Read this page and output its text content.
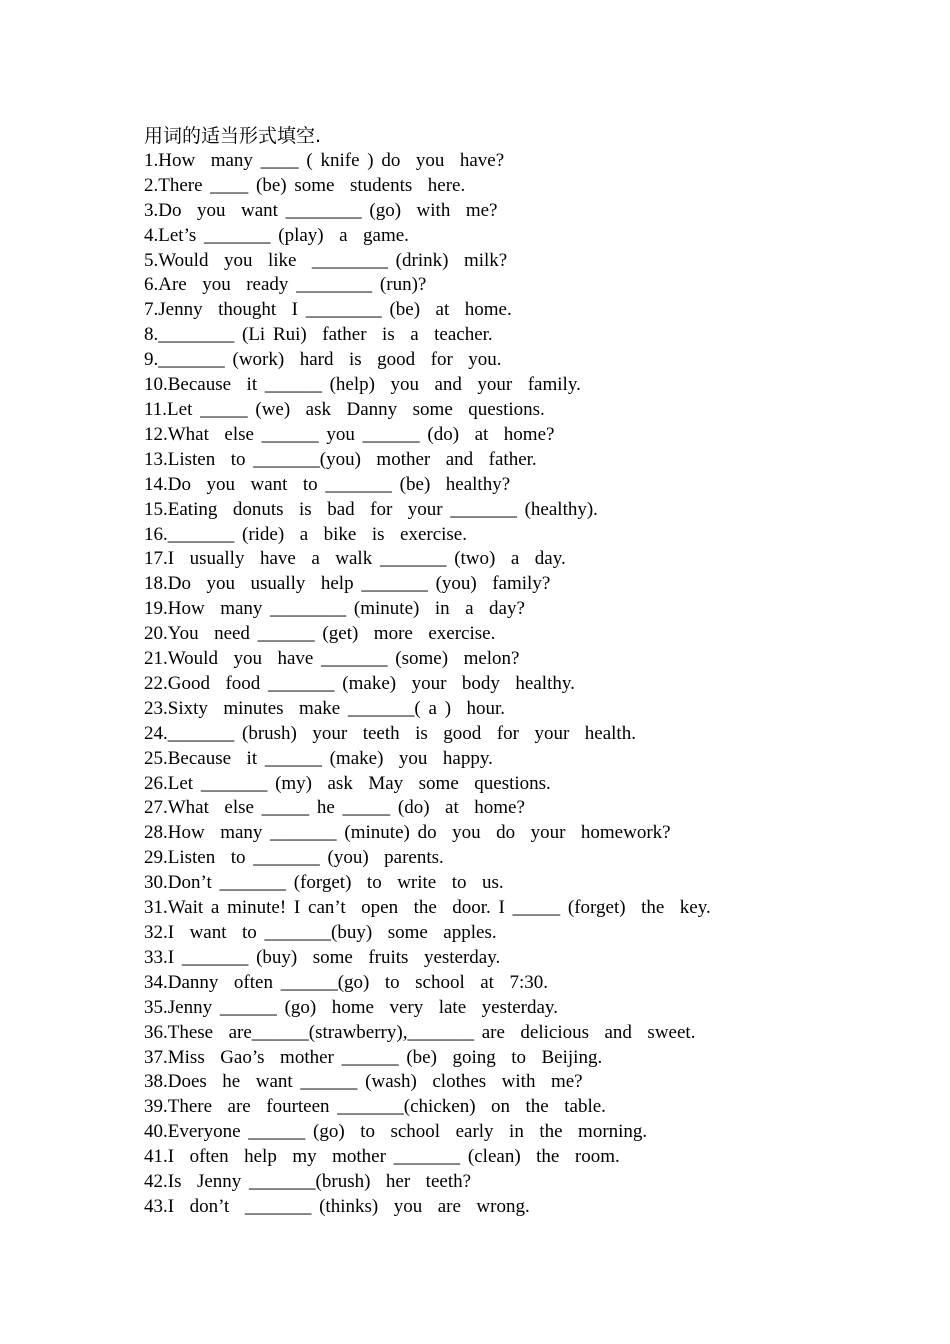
用词的适当形式填空.

1.How  many ____ ( knife ) do  you  have?

2.There ____ (be) some  students  here.

3.Do  you  want ________ (go)  with  me?

4.Let’s _______ (play)  a  game.

5.Would  you  like  ________ (drink)  milk?

6.Are  you  ready ________ (run)?

7.Jenny  thought  I ________ (be)  at  home.

8.________ (Li Rui)  father  is  a  teacher.

9._______ (work)  hard  is  good  for  you.

10.Because  it ______ (help)  you  and  your  family.

11.Let _____ (we)  ask  Danny  some  questions.

12.What  else ______ you ______ (do)  at  home?

13.Listen  to _______(you)  mother  and  father.

14.Do  you  want  to _______ (be)  healthy?

15.Eating  donuts  is  bad  for  your _______ (healthy).

16._______ (ride)  a  bike  is  exercise.

17.I  usually  have  a  walk _______ (two)  a  day.

18.Do  you  usually  help _______ (you)  family?

19.How  many ________ (minute)  in  a  day?

20.You  need ______ (get)  more  exercise.

21.Would  you  have _______ (some)  melon?

22.Good  food _______ (make)  your  body  healthy.

23.Sixty  minutes  make _______( a )  hour.

24._______ (brush)  your  teeth  is  good  for  your  health.

25.Because  it ______ (make)  you  happy.

26.Let _______ (my)  ask  May  some  questions.

27.What  else _____ he _____ (do)  at  home?

28.How  many _______ (minute) do  you  do  your  homework?

29.Listen  to _______ (you)  parents.

30.Don’t _______ (forget)  to  write  to  us.

31.Wait a minute! I can’t  open  the  door. I _____ (forget)  the  key.

32.I  want  to _______(buy)  some  apples.

33.I _______ (buy)  some  fruits  yesterday.

34.Danny  often ______(go)  to  school  at  7:30.

35.Jenny ______ (go)  home  very  late  yesterday.

36.These  are______(strawberry),_______ are  delicious  and  sweet.

37.Miss  Gao’s  mother ______ (be)  going  to  Beijing.

38.Does  he  want ______ (wash)  clothes  with  me?

39.There  are  fourteen _______(chicken)  on  the  table.

40.Everyone ______ (go)  to  school  early  in  the  morning.

41.I  often  help  my  mother _______ (clean)  the  room.

42.Is  Jenny _______(brush)  her  teeth?

43.I  don’t  _______ (thinks)  you  are  wrong.
